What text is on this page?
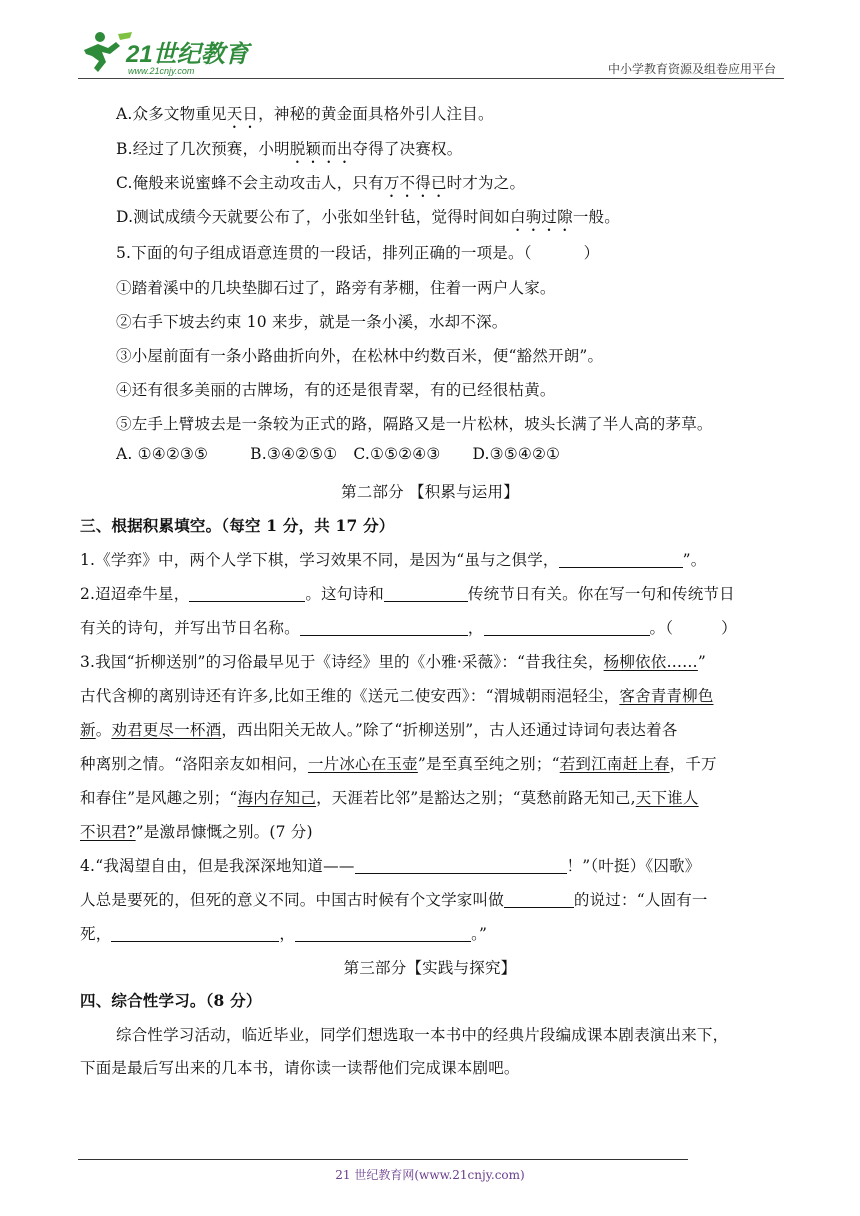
21世纪教育
www.21cnjy.com	中小学教育资源及组卷应用平台
A.众多文物重见天日，神秘的黄金面具格外引人注目。
B.经过了几次预赛，小明脱颖而出夺得了决赛权。
C.俺般来说蜜蜂不会主动攻击人，只有万不得已时才为之。
D.测试成绩今天就要公布了，小张如坐针毡，觉得时间如白驹过隙一般。
5.下面的句子组成语意连贯的一段话，排列正确的一项是。（	）
①踏着溪中的几块垫脚石过了，路旁有茅棚，住着一两户人家。
②右手下坡去约束 10 来步，就是一条小溪，水却不深。
③小屋前面有一条小路曲折向外，在松林中约数百米，便“豁然开朗”。
④还有很多美丽的古牌场，有的还是很青翠，有的已经很枯黄。
⑤左手上臂坡去是一条较为正式的路，隔路又是一片松林，坡头长满了半人高的茅草。
A. ①④②③⑤	B.③④②⑤① C.①⑤②④③ D.③⑤④②①
第二部分 【积累与运用】
三、根据积累填空。（每空 1 分，共 17 分）
1.《学弈》中，两个人学下棋，学习效果不同，是因为“虽与之俱学，	”。
2.迢迢牵牛星，	。这句诗和	传统节日有关。你在写一句和传统节日
有关的诗句，并写出节日名称。	，	。（	）
3.我国“折柳送别”的习俗最早见于《诗经》里的《小雅·采薇》：“昔我往矣，杨柳依依……”
古代含柳的离别诗还有许多,比如王维的《送元二使安西》：“渭城朝雨浥轻尘，客舍青青柳色
新。劝君更尽一杯酒，西出阳关无故人。”除了“折柳送别”，古人还通过诗词句表达着各
种离别之情。“洛阳亲友如相问，一片冰心在玉壶”是至真至纯之别；“若到江南赶上春，千万
和春住”是风趣之别；“海内存知己，天涯若比邻”是豁达之别；“莫愁前路无知己,天下谁人
不识君?”是激昂慷慨之别。(7 分)
4.“我渴望自由，但是我深深地知道——	！”（叶挺）《囚歌》
人总是要死的，但死的意义不同。中国古时候有个文学家叫做	的说过：“人固有一
死，	，	。”
第三部分【实践与探究】
四、综合性学习。（8 分）
综合性学习活动，临近毕业，同学们想选取一本书中的经典片段编成课本剧表演出来下，
下面是最后写出来的几本书，请你读一读帮他们完成课本剧吧。
21 世纪教育网(www.21cnjy.com)
